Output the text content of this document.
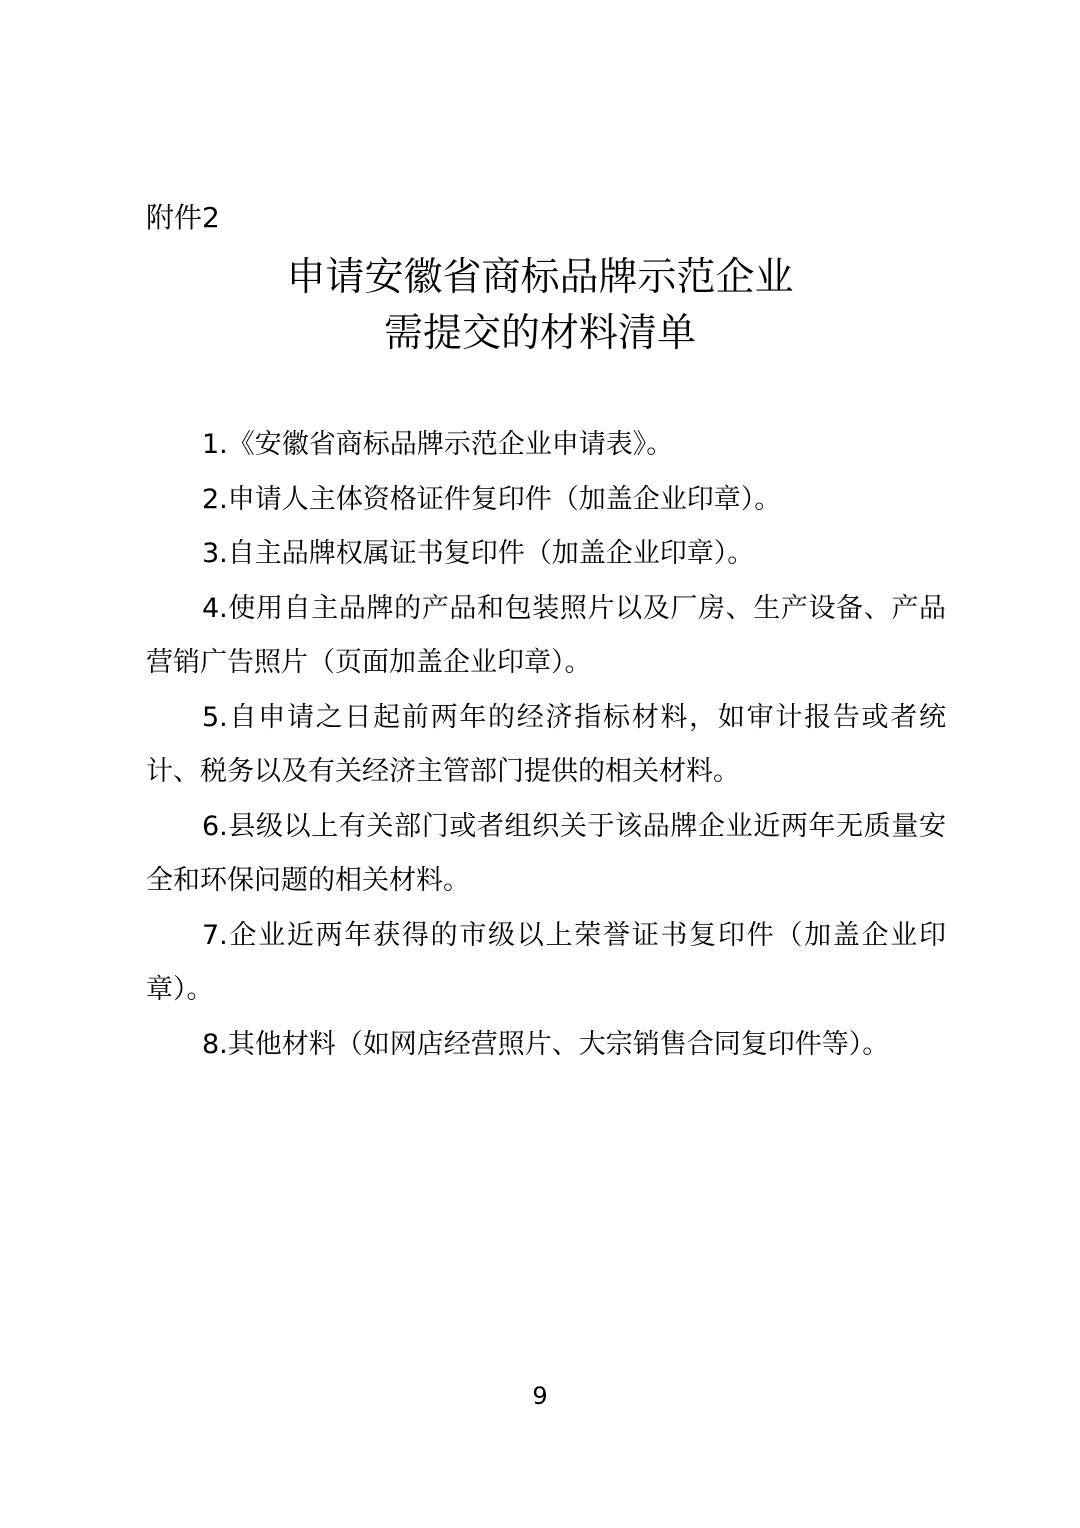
附件2

申请安徽省商标品牌示范企业
需提交的材料清单
1.《安徽省商标品牌示范企业申请表》。
2.申请人主体资格证件复印件（加盖企业印章）。
3.自主品牌权属证书复印件（加盖企业印章）。
4.使用自主品牌的产品和包装照片以及厂房、生产设备、产品营销广告照片（页面加盖企业印章）。
5.自申请之日起前两年的经济指标材料，如审计报告或者统计、税务以及有关经济主管部门提供的相关材料。
6.县级以上有关部门或者组织关于该品牌企业近两年无质量安全和环保问题的相关材料。
7.企业近两年获得的市级以上荣誉证书复印件（加盖企业印章）。
8.其他材料（如网店经营照片、大宗销售合同复印件等）。

9
